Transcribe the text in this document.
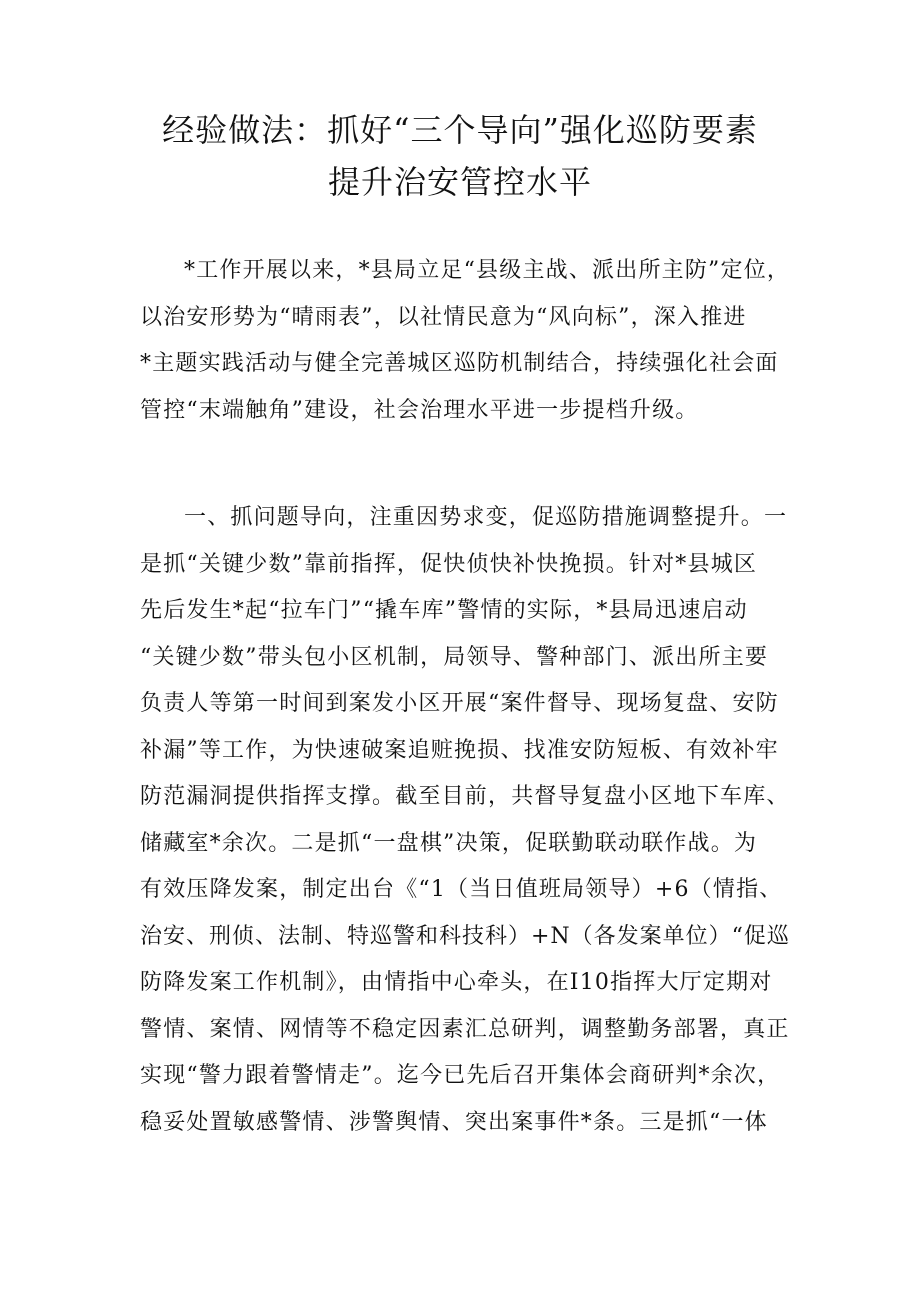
经验做法：抓好“三个导向”强化巡防要素
提升治安管控水平
*工作开展以来，*县局立足“县级主战、派出所主防”定位，
以治安形势为“晴雨表”，以社情民意为“风向标”，深入推进
*主题实践活动与健全完善城区巡防机制结合，持续强化社会面
管控“末端触角”建设，社会治理水平进一步提档升级。
一、抓问题导向，注重因势求变，促巡防措施调整提升。一
是抓“关键少数”靠前指挥，促快侦快补快挽损。针对*县城区
先后发生*起“拉车门”“撬车库”警情的实际，*县局迅速启动
“关键少数”带头包小区机制，局领导、警种部门、派出所主要
负责人等第一时间到案发小区开展“案件督导、现场复盘、安防
补漏”等工作，为快速破案追赃挽损、找准安防短板、有效补牢
防范漏洞提供指挥支撑。截至目前，共督导复盘小区地下车库、
储藏室*余次。二是抓“一盘棋”决策，促联勤联动联作战。为
有效压降发案，制定出台《“1（当日值班局领导）+6（情指、
治安、刑侦、法制、特巡警和科技科）+N（各发案单位）“促巡
防降发案工作机制》，由情指中心牵头，在I10指挥大厅定期对
警情、案情、网情等不稳定因素汇总研判，调整勤务部署，真正
实现“警力跟着警情走”。迄今已先后召开集体会商研判*余次，
稳妥处置敏感警情、涉警舆情、突出案事件*条。三是抓“一体
